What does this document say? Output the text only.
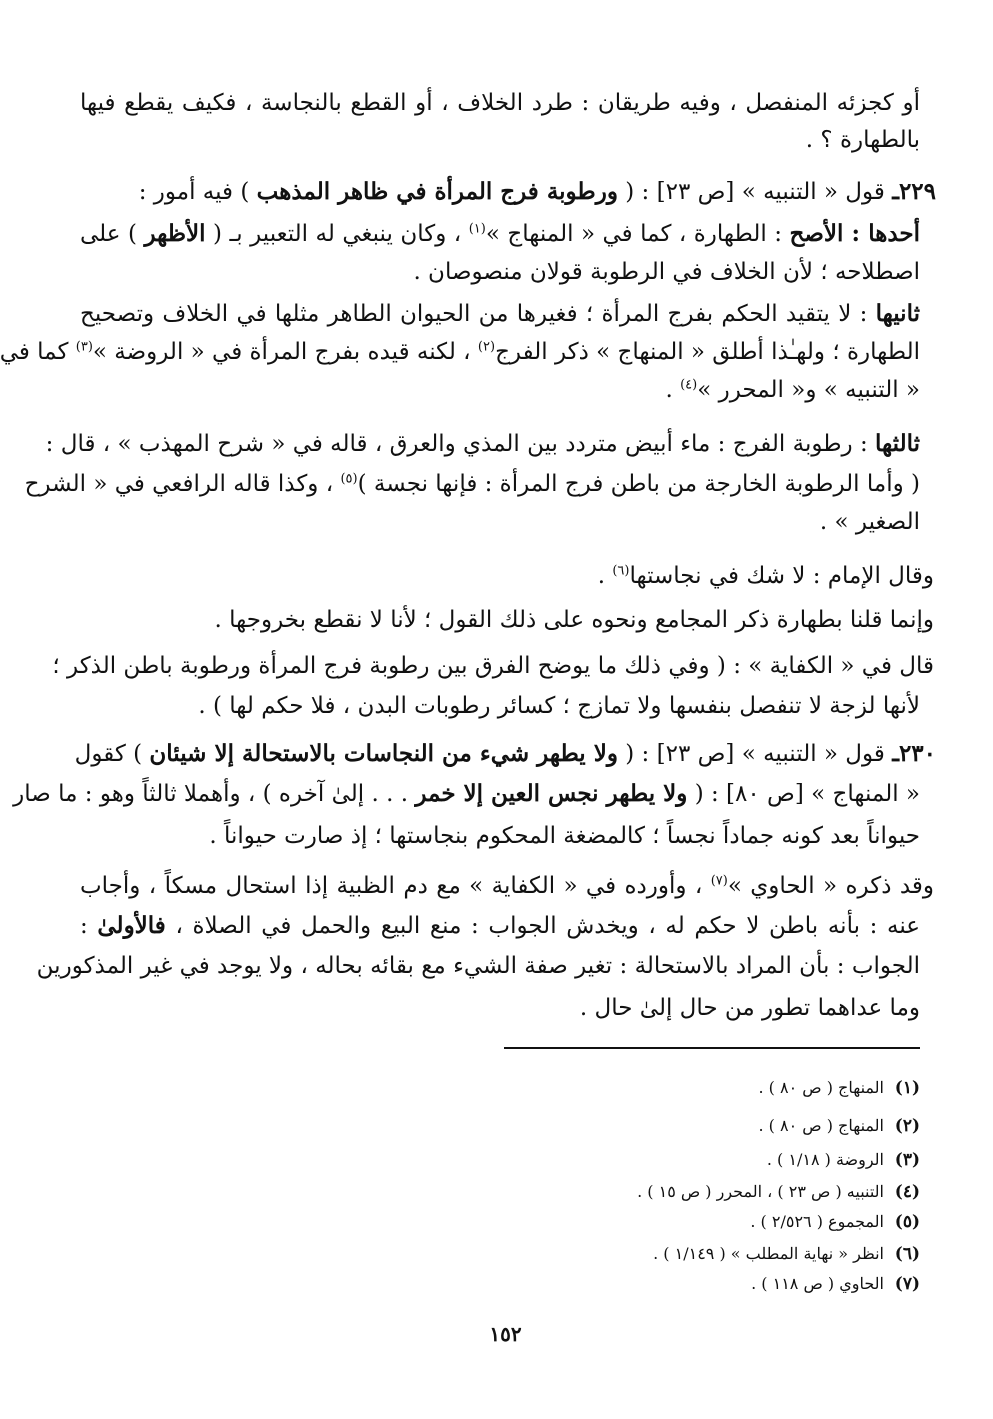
أو كجزئه المنفصل ، وفيه طريقان : طرد الخلاف ، أو القطع بالنجاسة ، فكيف يقطع فيها
بالطهارة ؟ .
٢٢٩ـ قول « التنبيه » [ص ٢٣] : ( ورطوبة فرج المرأة في ظاهر المذهب ) فيه أمور :
أحدها : الأصح : الطهارة ، كما في « المنهاج »$^{(١)}$ ، وكان ينبغي له التعبير بـ ( الأظهر ) على
اصطلاحه ؛ لأن الخلاف في الرطوبة قولان منصوصان .
ثانيها : لا يتقيد الحكم بفرج المرأة ؛ فغيرها من الحيوان الطاهر مثلها في الخلاف وتصحيح
الطهارة ؛ ولهـٰذا أطلق « المنهاج » ذكر الفرج$^{(٢)}$ ، لكنه قيده بفرج المرأة في « الروضة »$^{(٣)}$ كما في
« التنبيه » و« المحرر »$^{(٤)}$ .
ثالثها : رطوبة الفرج : ماء أبيض متردد بين المذي والعرق ، قاله في « شرح المهذب » ، قال :
( وأما الرطوبة الخارجة من باطن فرج المرأة : فإنها نجسة )$^{(٥)}$ ، وكذا قاله الرافعي في « الشرح
الصغير » .
وقال الإمام : لا شك في نجاستها$^{(٦)}$ .
وإنما قلنا بطهارة ذكر المجامع ونحوه على ذلك القول ؛ لأنا لا نقطع بخروجها .
قال في « الكفاية » : ( وفي ذلك ما يوضح الفرق بين رطوبة فرج المرأة ورطوبة باطن الذكر ؛
لأنها لزجة لا تنفصل بنفسها ولا تمازج ؛ كسائر رطوبات البدن ، فلا حكم لها ) .
٢٣٠ـ قول « التنبيه » [ص ٢٣] : ( ولا يطهر شيء من النجاسات بالاستحالة إلا شيئان ) كقول
« المنهاج » [ص ٨٠] : ( ولا يطهر نجس العين إلا خمر . . . إلىٰ آخره ) ، وأهملا ثالثاً وهو : ما صار
حيواناً بعد كونه جماداً نجساً ؛ كالمضغة المحكوم بنجاستها ؛ إذ صارت حيواناً .
وقد ذكره « الحاوي »$^{(٧)}$ ، وأورده في « الكفاية » مع دم الظبية إذا استحال مسكاً ، وأجاب
عنه : بأنه باطن لا حكم له ، ويخدش الجواب : منع البيع والحمل في الصلاة ، فالأولىٰ :
الجواب : بأن المراد بالاستحالة : تغير صفة الشيء مع بقائه بحاله ، ولا يوجد في غير المذكورين
وما عداهما تطور من حال إلىٰ حال .
(١)المنهاج ( ص ٨٠ ) .
(٢)المنهاج ( ص ٨٠ ) .
(٣)الروضة ( ١/١٨ ) .
(٤)التنبيه ( ص ٢٣ ) ، المحرر ( ص ١٥ ) .
(٥)المجموع ( ٢/٥٢٦ ) .
(٦)انظر « نهاية المطلب » ( ١/١٤٩ ) .
(٧)الحاوي ( ص ١١٨ ) .
١٥٢
